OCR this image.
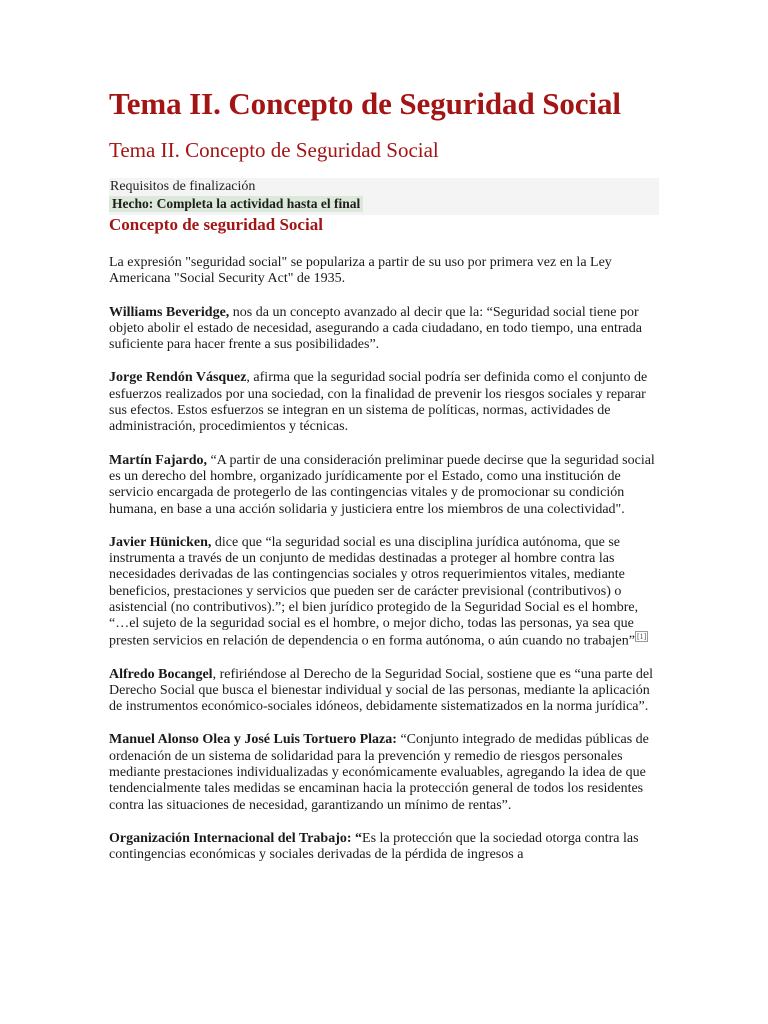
Tema II. Concepto de Seguridad Social
Tema II. Concepto de Seguridad Social
Requisitos de finalización
Hecho: Completa la actividad hasta el final
Concepto de seguridad Social

La expresión "seguridad social" se populariza a partir de su uso por primera vez en la Ley Americana "Social Security Act" de 1935.

Williams Beveridge, nos da un concepto avanzado al decir que la: “Seguridad social tiene por objeto abolir el estado de necesidad, asegurando a cada ciudadano, en todo tiempo, una entrada suficiente para hacer frente a sus posibilidades”.

Jorge Rendón Vásquez, afirma que la seguridad social podría ser definida como el conjunto de esfuerzos realizados por una sociedad, con la finalidad de prevenir los riesgos sociales y reparar sus efectos. Estos esfuerzos se integran en un sistema de políticas, normas, actividades de administración, procedimientos y técnicas.

Martín Fajardo, “A partir de una consideración preliminar puede decirse que la seguridad social es un derecho del hombre, organizado jurídicamente por el Estado, como una institución de servicio encargada de protegerlo de las contingencias vitales y de promocionar su condición humana, en base a una acción solidaria y justiciera entre los miembros de una colectividad".

Javier Hünicken, dice que “la seguridad social es una disciplina jurídica autónoma, que se instrumenta a través de un conjunto de medidas destinadas a proteger al hombre contra las necesidades derivadas de las contingencias sociales y otros requerimientos vitales, mediante beneficios, prestaciones y servicios que pueden ser de carácter previsional (contributivos) o asistencial (no contributivos).”; el bien jurídico protegido de la Seguridad Social es el hombre, “…el sujeto de la seguridad social es el hombre, o mejor dicho, todas las personas, ya sea que presten servicios en relación de dependencia o en forma autónoma, o aún cuando no trabajen” [1]

Alfredo Bocangel, refiriéndose al Derecho de la Seguridad Social, sostiene que es “una parte del Derecho Social que busca el bienestar individual y social de las personas, mediante la aplicación de instrumentos económico-sociales idóneos, debidamente sistematizados en la norma jurídica”.

Manuel Alonso Olea y José Luis Tortuero Plaza: “Conjunto integrado de medidas públicas de ordenación de un sistema de solidaridad para la prevención y remedio de riesgos personales mediante prestaciones individualizadas y económicamente evaluables, agregando la idea de que tendencialmente tales medidas se encaminan hacia la protección general de todos los residentes contra las situaciones de necesidad, garantizando un mínimo de rentas”.

Organización Internacional del Trabajo: “Es la protección que la sociedad otorga contra las contingencias económicas y sociales derivadas de la pérdida de ingresos a
